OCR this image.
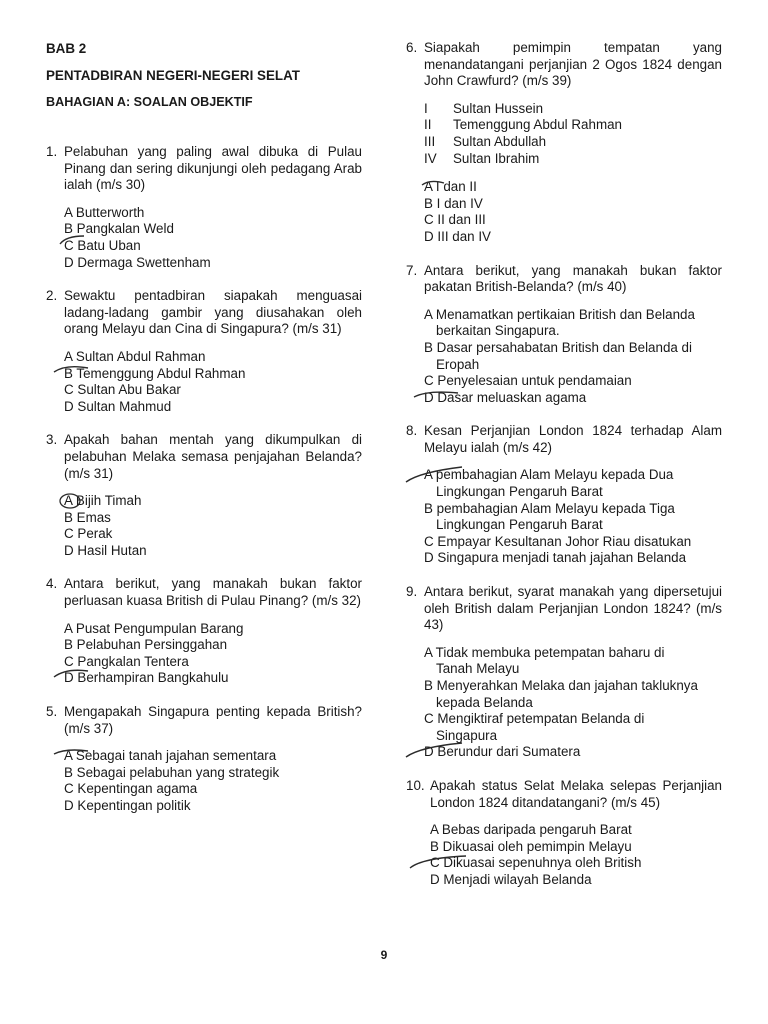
BAB 2

PENTADBIRAN NEGERI-NEGERI SELAT

BAHAGIAN A: SOALAN OBJEKTIF

1. Pelabuhan yang paling awal dibuka di Pulau Pinang dan sering dikunjungi oleh pedagang Arab ialah (m/s 30)
A Butterworth
B Pangkalan Weld
C Batu Uban
D Dermaga Swettenham
2. Sewaktu pentadbiran siapakah menguasai ladang-ladang gambir yang diusahakan oleh orang Melayu dan Cina di Singapura? (m/s 31)
A Sultan Abdul Rahman
B Temenggung Abdul Rahman
C Sultan Abu Bakar
D Sultan Mahmud
3. Apakah bahan mentah yang dikumpulkan di pelabuhan Melaka semasa penjajahan Belanda? (m/s 31)
A Bijih Timah
B Emas
C Perak
D Hasil Hutan
4. Antara berikut, yang manakah bukan faktor perluasan kuasa British di Pulau Pinang? (m/s 32)
A Pusat Pengumpulan Barang
B Pelabuhan Persinggahan
C Pangkalan Tentera
D Berhampiran Bangkahulu
5. Mengapakah Singapura penting kepada British? (m/s 37)
A Sebagai tanah jajahan sementara
B Sebagai pelabuhan yang strategik
C Kepentingan agama
D Kepentingan politik
6. Siapakah pemimpin tempatan yang menandatangani perjanjian 2 Ogos 1824 dengan John Crawfurd? (m/s 39)
I	Sultan Hussein
II	Temenggung Abdul Rahman
III	Sultan Abdullah
IV	Sultan Ibrahim
A I dan II
B I dan IV
C II dan III
D III dan IV
7. Antara berikut, yang manakah bukan faktor pakatan British-Belanda? (m/s 40)
A Menamatkan pertikaian British dan Belanda
berkaitan Singapura.
B Dasar persahabatan British dan Belanda di
Eropah
C Penyelesaian untuk pendamaian
D Dasar meluaskan agama
8. Kesan Perjanjian London 1824 terhadap Alam Melayu ialah (m/s 42)
A pembahagian Alam Melayu kepada Dua
Lingkungan Pengaruh Barat
B pembahagian Alam Melayu kepada Tiga
Lingkungan Pengaruh Barat
C Empayar Kesultanan Johor Riau disatukan
D Singapura menjadi tanah jajahan Belanda
9. Antara berikut, syarat manakah yang dipersetujui oleh British dalam Perjanjian London 1824? (m/s 43)
A Tidak membuka petempatan baharu di
Tanah Melayu
B Menyerahkan Melaka dan jajahan takluknya
kepada Belanda
C Mengiktiraf petempatan Belanda di
Singapura
D Berundur dari Sumatera
10. Apakah status Selat Melaka selepas Perjanjian London 1824 ditandatangani? (m/s 45)
A Bebas daripada pengaruh Barat
B Dikuasai oleh pemimpin Melayu
C Dikuasai sepenuhnya oleh British
D Menjadi wilayah Belanda
9
